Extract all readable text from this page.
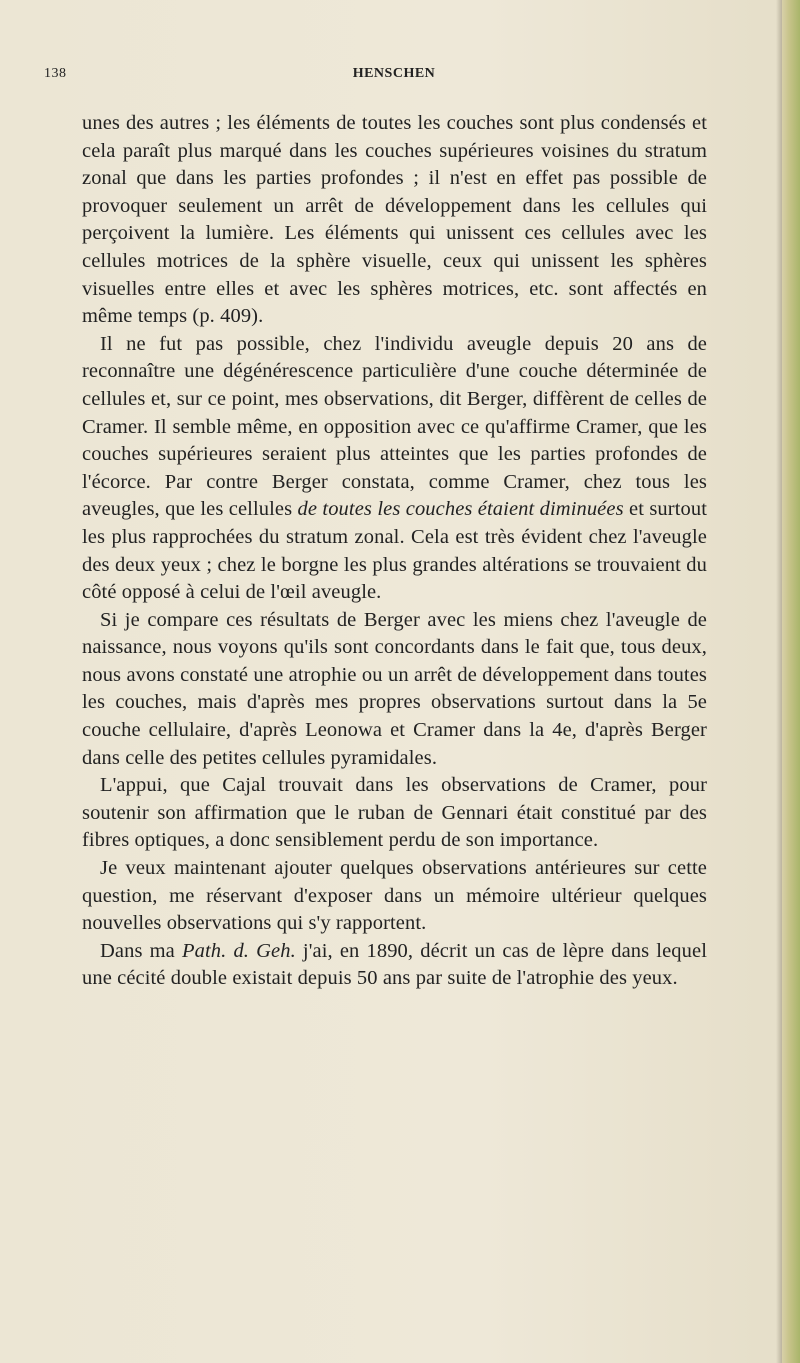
138	HENSCHEN

unes des autres ; les éléments de toutes les couches sont plus condensés et cela paraît plus marqué dans les couches supérieures voisines du stratum zonal que dans les parties profondes ; il n'est en effet pas possible de provoquer seulement un arrêt de développement dans les cellules qui perçoivent la lumière. Les éléments qui unissent ces cellules avec les cellules motrices de la sphère visuelle, ceux qui unissent les sphères visuelles entre elles et avec les sphères motrices, etc. sont affectés en même temps (p. 409).

Il ne fut pas possible, chez l'individu aveugle depuis 20 ans de reconnaître une dégénérescence particulière d'une couche déterminée de cellules et, sur ce point, mes observations, dit Berger, diffèrent de celles de Cramer. Il semble même, en opposition avec ce qu'affirme Cramer, que les couches supérieures seraient plus atteintes que les parties profondes de l'écorce. Par contre Berger constata, comme Cramer, chez tous les aveugles, que les cellules de toutes les couches étaient diminuées et surtout les plus rapprochées du stratum zonal. Cela est très évident chez l'aveugle des deux yeux ; chez le borgne les plus grandes altérations se trouvaient du côté opposé à celui de l'œil aveugle.

Si je compare ces résultats de Berger avec les miens chez l'aveugle de naissance, nous voyons qu'ils sont concordants dans le fait que, tous deux, nous avons constaté une atrophie ou un arrêt de développement dans toutes les couches, mais d'après mes propres observations surtout dans la 5e couche cellulaire, d'après Leonowa et Cramer dans la 4e, d'après Berger dans celle des petites cellules pyramidales.

L'appui, que Cajal trouvait dans les observations de Cramer, pour soutenir son affirmation que le ruban de Gennari était constitué par des fibres optiques, a donc sensiblement perdu de son importance.

Je veux maintenant ajouter quelques observations antérieures sur cette question, me réservant d'exposer dans un mémoire ultérieur quelques nouvelles observations qui s'y rapportent.

Dans ma Path. d. Geh. j'ai, en 1890, décrit un cas de lèpre dans lequel une cécité double existait depuis 50 ans par suite de l'atrophie des yeux.
